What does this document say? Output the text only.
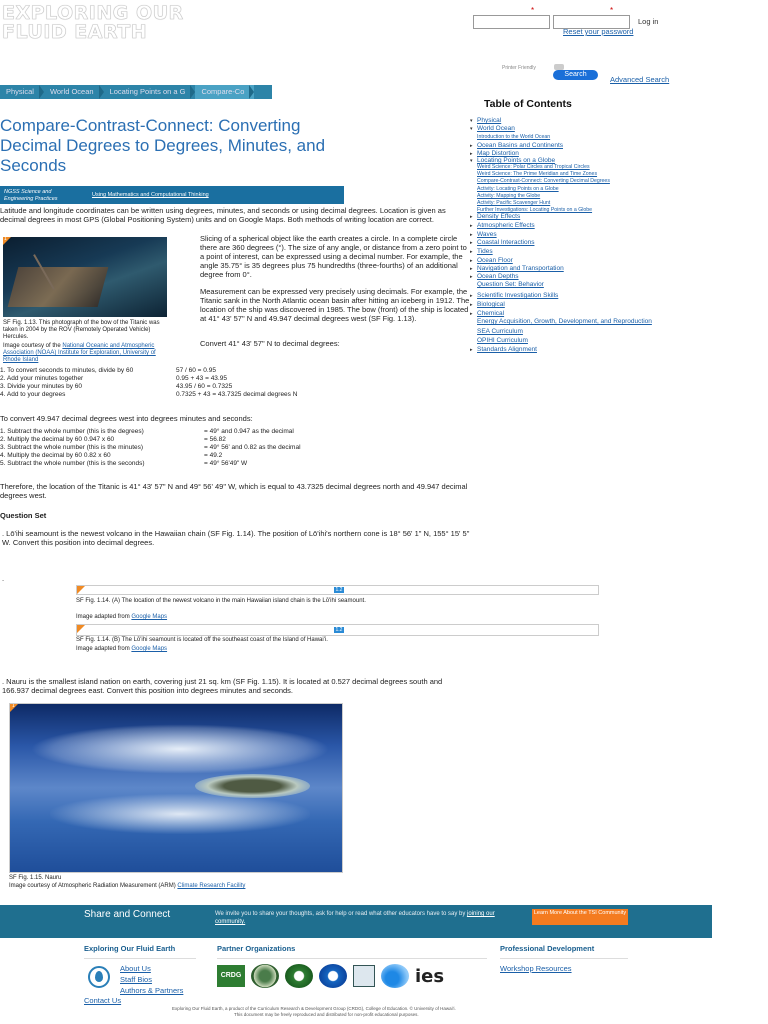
EXPLORING OUR
FLUID EARTH
*	*
Log in
Reset your password
Printer Friendly
Search
Advanced Search
Physical	World Ocean	Locating Points on a G	Compare-Co
Compare-Contrast-Connect: Converting Decimal Degrees to Degrees, Minutes, and Seconds
NGSS Science and Engineering Practices
Using Mathematics and Computational Thinking

Latitude and longitude coordinates can be written using degrees, minutes, and seconds or using decimal degrees. Location is given as decimal degrees in most GPS (Global Positioning System) units and on Google Maps. Both methods of writing location are correct.

1

SF Fig. 1.13. This photograph of the bow of the Titanic was taken in 2004 by the ROV (Remotely Operated Vehicle) Hercules.

Image courtesy of the National Oceanic and Atmospheric Association (NOAA) Institute for Exploration, University of Rhode Island

Slicing of a spherical object like the earth creates a circle. In a complete circle there are 360 degrees (°). The size of any angle, or distance from a zero point to a point of interest, can be expressed using a decimal number. For example, the angle 35.75° is 35 degrees plus 75 hundredths (three-fourths) of an additional degree from 0°.

Measurement can be expressed very precisely using decimals. For example, the Titanic sank in the North Atlantic ocean basin after hitting an iceberg in 1912. The location of the ship was discovered in 1985. The bow (front) of the ship is located at 41° 43' 57" N and 49.947 decimal degrees west (SF Fig. 1.13).

Convert 41° 43' 57" N to decimal degrees:

1. To convert seconds to minutes, divide by 60	57 / 60 = 0.95
2. Add your minutes together	0.95 + 43 = 43.95
3. Divide your minutes by 60	43.95 / 60 = 0.7325
4. Add to your degrees	0.7325 + 43 = 43.7325 decimal degrees N

To convert 49.947 decimal degrees west into degrees minutes and seconds:

1. Subtract the whole number (this is the degrees)	= 49° and 0.947 as the decimal
2. Multiply the decimal by 60 0.947 x 60	= 56.82
3. Subtract the whole number (this is the minutes)	= 49° 56' and 0.82 as the decimal
4. Multiply the decimal by 60 0.82 x 60	= 49.2
5. Subtract the whole number (this is the seconds)	= 49° 56'49" W

Therefore, the location of the Titanic is 41° 43' 57" N and 49° 56' 49" W, which is equal to 43.7325 decimal degrees north and 49.947 decimal degrees west.

Question Set

. Lō'ihi seamount is the newest volcano in the Hawaiian chain (SF Fig. 1.14). The position of Lō'ihi's northern cone is 18° 56' 1" N, 155° 15' 5" W. Convert this position into decimal degrees.

.
1.2

SF Fig. 1.14. (A) The location of the newest volcano in the main Hawaiian island chain is the Lō'ihi seamount.

Image adapted from Google Maps

1.2

SF Fig. 1.14. (B) The Lō'ihi seamount is located off the southeast coast of the Island of Hawai'i.

Image adapted from Google Maps

. Nauru is the smallest island nation on earth, covering just 21 sq. km (SF Fig. 1.15). It is located at 0.527 decimal degrees south and 166.937 decimal degrees east. Convert this position into degrees minutes and seconds.

1

SF Fig. 1.15. Nauru

Image courtesy of Atmospheric Radiation Measurement (ARM) Climate Research Facility

Table of Contents
▾ Physical
▾ World Ocean
Introduction to the World Ocean
▸ Ocean Basins and Continents
▸ Map Distortion
▾ Locating Points on a Globe
Weird Science: Polar Circles and Tropical Circles
Weird Science: The Prime Meridian and Time Zones
Compare-Contrast-Connect: Converting Decimal Degrees
Activity: Locating Points on a Globe
Activity: Mapping the Globe
Activity: Pacific Scavenger Hunt
Further Investigations: Locating Points on a Globe
▸ Density Effects
▸ Atmospheric Effects
▸ Waves
▸ Coastal Interactions
▸ Tides
▸ Ocean Floor
▸ Navigation and Transportation
▸ Ocean Depths
Question Set: Behavior
▸ Scientific Investigation Skills
▸ Biological
▸ Chemical
Energy Acquisition, Growth, Development, and Reproduction
SEA Curriculum
OPIHI Curriculum
▸ Standards Alignment
Share and Connect	We invite you to share your thoughts, ask for help or read what other educators have to say by joining our community.

Learn More About the TSI Community
Exploring Our Fluid Earth
About Us
Staff Bios
Authors & Partners
Contact Us
Partner Organizations
CRDG	ies
Professional Development
Workshop Resources

Exploring Our Fluid Earth, a product of the Curriculum Research & Development Group (CRDG), College of Education. © University of Hawai'i.

This document may be freely reproduced and distributed for non-profit educational purposes.
